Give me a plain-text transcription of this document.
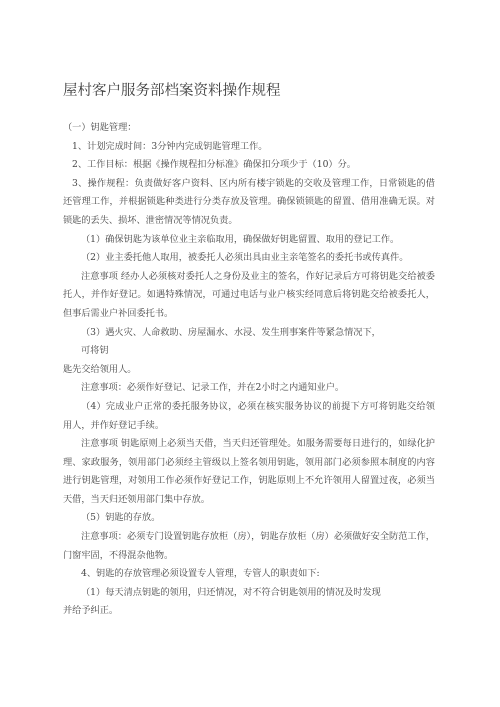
屋村客户服务部档案资料操作规程

（一）钥匙管理：

1、计划完成时间：3分钟内完成钥匙管理工作。

2、工作目标：根据《操作规程扣分标准》确保扣分项少于（10）分。

3、操作规程：负责做好客户资料、区内所有楼宇锁匙的交收及管理工作，日常锁匙的借还管理工作，并根据锁匙种类进行分类存放及管理。确保锁锁匙的留置、借用准确无误。对锁匙的丢失、损坏、泄密情况等情况负责。

（1）确保钥匙为该单位业主亲临取用，确保做好钥匙留置、取用的登记工作。

（2）业主委托他人取用，被委托人必须出具由业主亲笔签名的委托书或传真件。

注意事项 经办人必须核对委托人之身份及业主的签名，作好记录后方可将钥匙交给被委托人，并作好登记。如遇特殊情况，可通过电话与业户核实经同意后将钥匙交给被委托人，但事后需业户补回委托书。

（3）遇火灾、人命救助、房屋漏水、水浸、发生刑事案件等紧急情况下，

可将钥

匙先交给领用人。

注意事项：必须作好登记、记录工作，并在2小时之内通知业户。

（4）完成业户正常的委托服务协议，必须在核实服务协议的前提下方可将钥匙交给领用人，并作好登记手续。

注意事项 钥匙原则上必须当天借，当天归还管理处。如服务需要每日进行的，如绿化护理、家政服务，领用部门必须经主管级以上签名领用钥匙，领用部门必须参照本制度的内容进行钥匙管理，对领用工作必须作好登记工作，钥匙原则上不允许领用人留置过夜，必须当天借，当天归还领用部门集中存放。

（5）钥匙的存放。

注意事项：必须专门设置钥匙存放柜（房），钥匙存放柜（房）必须做好安全防范工作，门窗牢固，不得混杂他物。

4、钥匙的存放管理必须设置专人管理，专管人的职责如下:

（1）每天清点钥匙的领用，归还情况，对不符合钥匙领用的情况及时发现

并给予纠正。
